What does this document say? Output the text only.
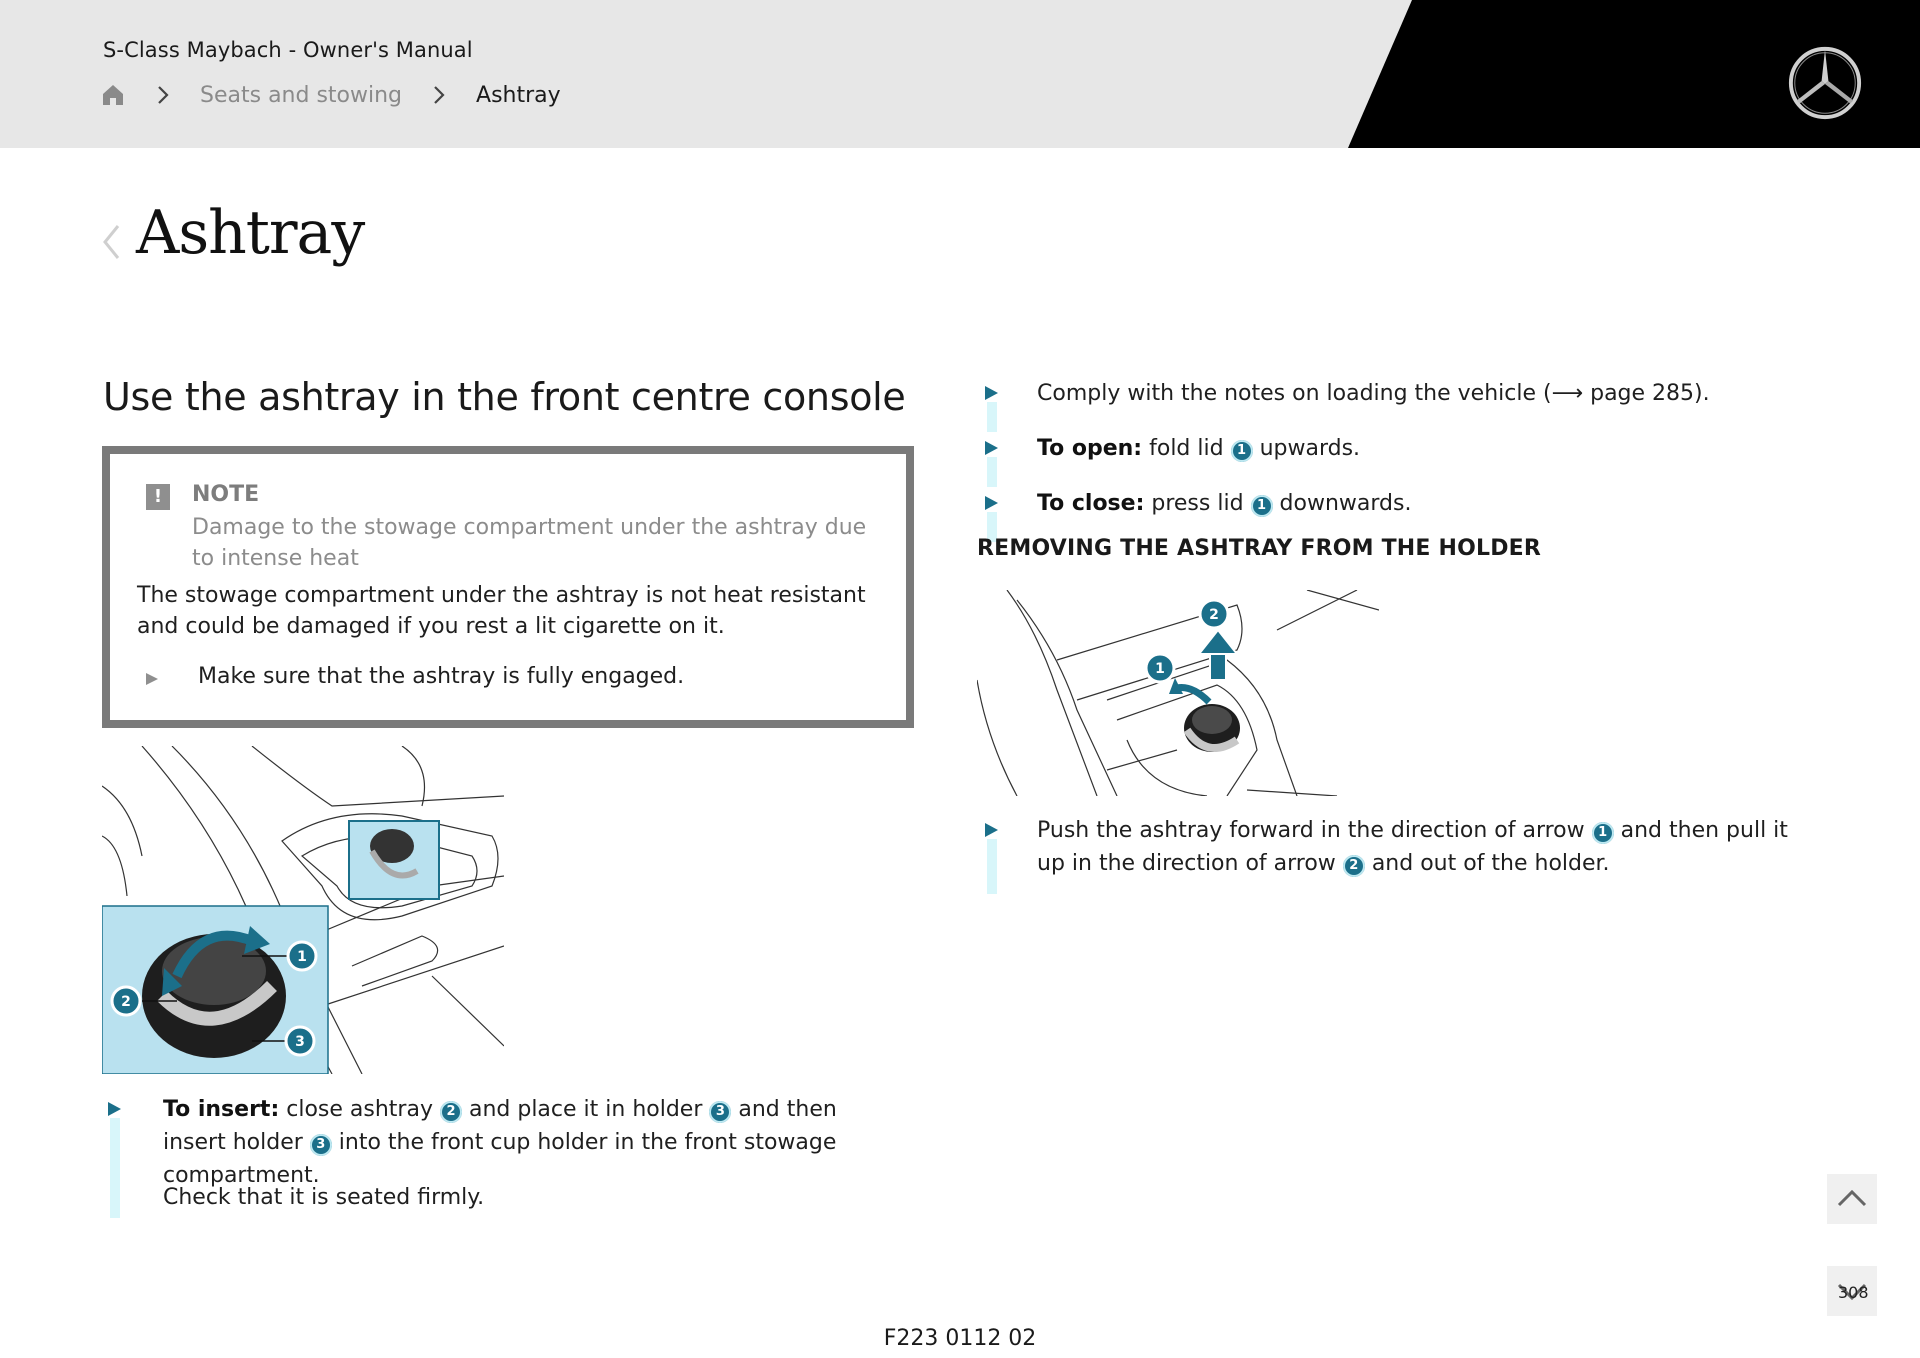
S-Class Maybach - Owner's Manual
Seats and stowing	Ashtray
Ashtray
Use the ashtray in the front centre console
!	NOTE
Damage to the stowage compartment under the ashtray due to intense heat
The stowage compartment under the ashtray is not heat resistant and could be damaged if you rest a lit cigarette on it.
Make sure that the ashtray is fully engaged.
1
2
3
To insert: close ashtray 2 and place it in holder 3 and then insert holder 3 into the front cup holder in the front stowage compartment.
Check that it is seated firmly.
Comply with the notes on loading the vehicle (⟶ page 285).
To open: fold lid 1 upwards.
To close: press lid 1 downwards.
REMOVING THE ASHTRAY FROM THE HOLDER
1
2
Push the ashtray forward in the direction of arrow 1 and then pull it up in the direction of arrow 2 and out of the holder.
308
F223 0112 02
